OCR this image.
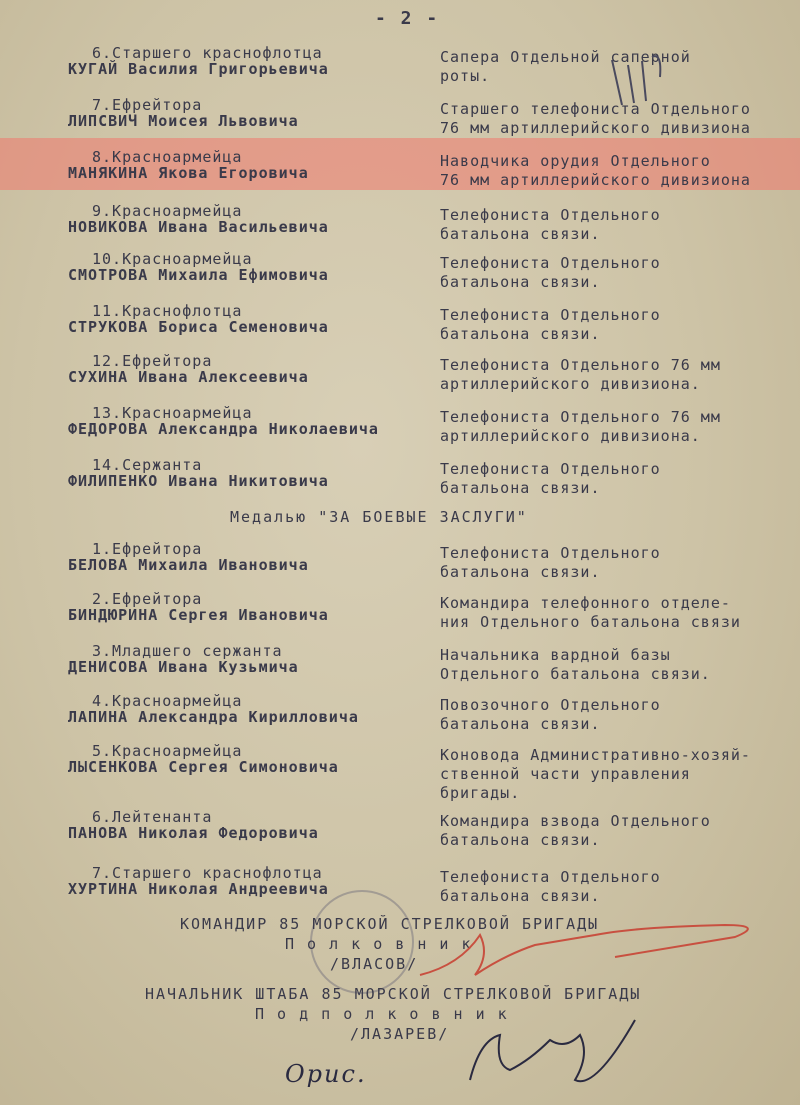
- 2 -
6.Старшего краснофлотца
КУГАЙ Василия Григорьевича
Сапера Отдельной саперной
роты.
7.Ефрейтора
ЛИПСВИЧ Моисея Львовича
Старшего телефониста Отдельного
76 мм артиллерийского дивизиона
8.Красноармейца
МАНЯКИНА Якова Егоровича
Наводчика орудия Отдельного
76 мм артиллерийского дивизиона
9.Красноармейца
НОВИКОВА Ивана Васильевича
Телефониста Отдельного
батальона связи.
10.Красноармейца
СМОТРОВА Михаила Ефимовича
Телефониста Отдельного
батальона связи.
11.Краснофлотца
СТРУКОВА Бориса Семеновича
Телефониста Отдельного
батальона связи.
12.Ефрейтора
СУХИНА Ивана Алексеевича
Телефониста Отдельного 76 мм
артиллерийского дивизиона.
13.Красноармейца
ФЕДОРОВА Александра Николаевича
Телефониста Отдельного 76 мм
артиллерийского дивизиона.
14.Сержанта
ФИЛИПЕНКО Ивана Никитовича
Телефониста Отдельного
батальона связи.
Медалью "ЗА БОЕВЫЕ ЗАСЛУГИ"
1.Ефрейтора
БЕЛОВА Михаила Ивановича
Телефониста Отдельного
батальона связи.
2.Ефрейтора
БИНДЮРИНА Сергея Ивановича
Командира телефонного отделе-
ния Отдельного батальона связи
3.Младшего сержанта
ДЕНИСОВА Ивана Кузьмича
Начальника вардной базы
Отдельного батальона связи.
4.Красноармейца
ЛАПИНА Александра Кирилловича
Повозочного Отдельного
батальона связи.
5.Красноармейца
ЛЫСЕНКОВА Сергея Симоновича
Коновода Административно-хозяй-
ственной части управления
бригады.
6.Лейтенанта
ПАНОВА Николая Федоровича
Командира взвода Отдельного
батальона связи.
7.Старшего краснофлотца
ХУРТИНА Николая Андреевича
Телефониста Отдельного
батальона связи.
КОМАНДИР 85 МОРСКОЙ СТРЕЛКОВОЙ БРИГАДЫ
П о л к о в н и к
/ВЛАСОВ/
НАЧАЛЬНИК ШТАБА 85 МОРСКОЙ СТРЕЛКОВОЙ БРИГАДЫ
П о д п о л к о в н и к
/ЛАЗАРЕВ/
Орис.
